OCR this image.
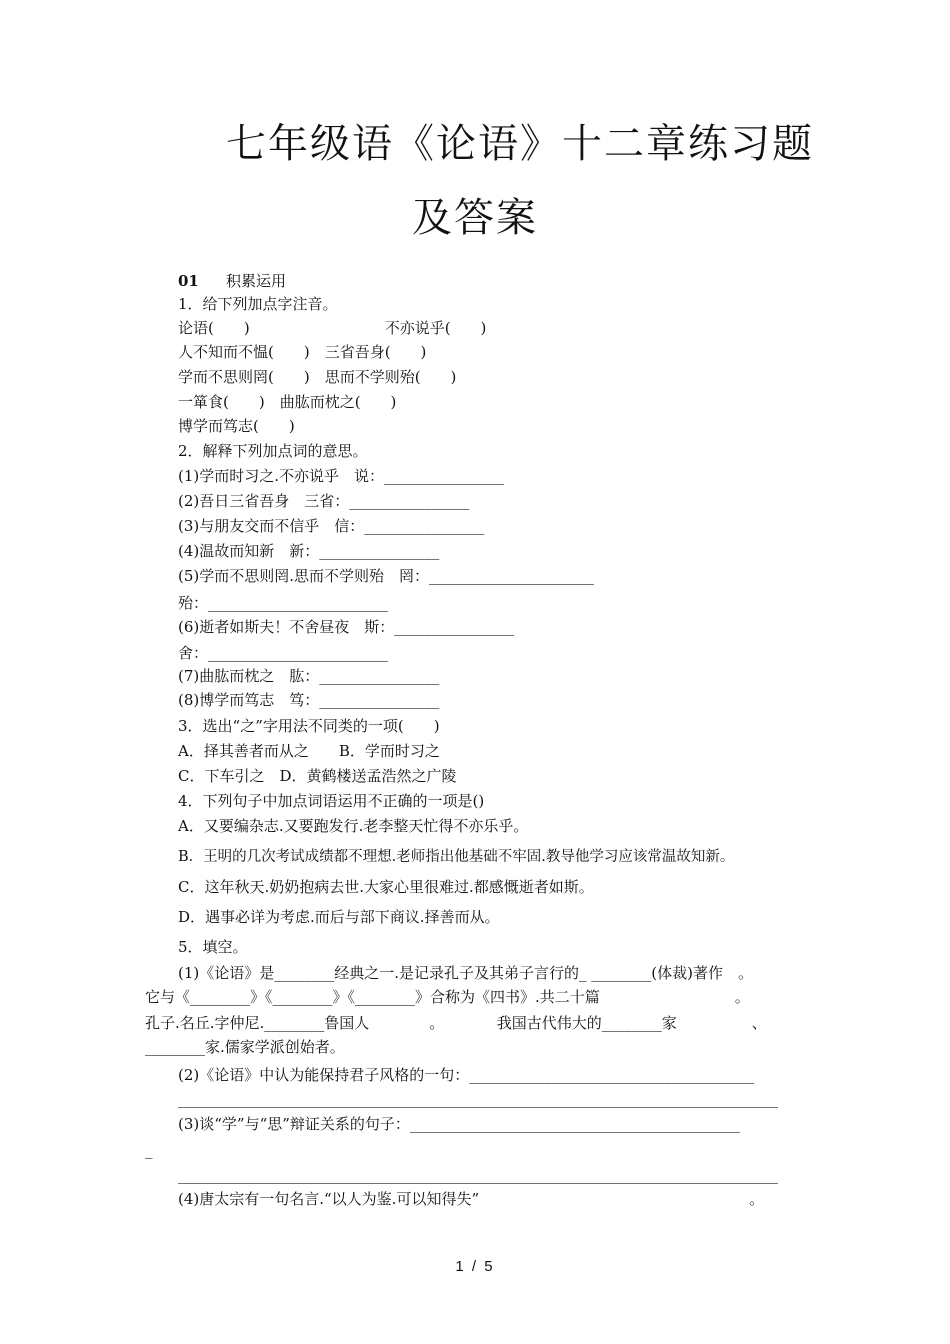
七年级语《论语》十二章练习题
及答案
01 积累运用
1．给下列加点字注音。
论语(　　)　　　　　　　　　不亦说乎(　　)
人不知而不愠(　　)　三省吾身(　　)
学而不思则罔(　　)　思而不学则殆(　　)
一箪食(　　)　曲肱而枕之(　　)
博学而笃志(　　)
2．解释下列加点词的意思。
(1)学而时习之.不亦说乎　说：________________
(2)吾日三省吾身　三省：________________
(3)与朋友交而不信乎　信：________________
(4)温故而知新　新：________________
(5)学而不思则罔.思而不学则殆　罔：______________________
殆：________________________
(6)逝者如斯夫！不舍昼夜　斯：________________
舍：________________________
(7)曲肱而枕之　肱：________________
(8)博学而笃志　笃：________________
3．选出“之”字用法不同类的一项(　　)
A．择其善者而从之　　B．学而时习之
C．下车引之　D．黄鹤楼送孟浩然之广陵
4．下列句子中加点词语运用不正确的一项是()
A．又要编杂志.又要跑发行.老李整天忙得不亦乐乎。
B．王明的几次考试成绩都不理想.老师指出他基础不牢固.教导他学习应该常温故知新。
C．这年秋天.奶奶抱病去世.大家心里很难过.都感慨逝者如斯。
D．遇事必详为考虑.而后与部下商议.择善而从。
5．填空。
(1)《论语》是________经典之一.是记录孔子及其弟子言行的_ ________(体裁)著作　。
它与《________》《________》《________》合称为《四书》.共二十篇　　　　　　　　　。
孔子.名丘.字仲尼.________鲁国人　　　　。　　　　我国古代伟大的________家　　　　　、
________家.儒家学派创始者。
(2)《论语》中认为能保持君子风格的一句：______________________________________
________________________________________________________________________________
(3)谈“学”与“思”辩证关系的句子：____________________________________________
_
________________________________________________________________________________
(4)唐太宗有一句名言.“以人为鉴.可以知得失”　　　　　　　　　　　　　　　　　　。
1 / 5
